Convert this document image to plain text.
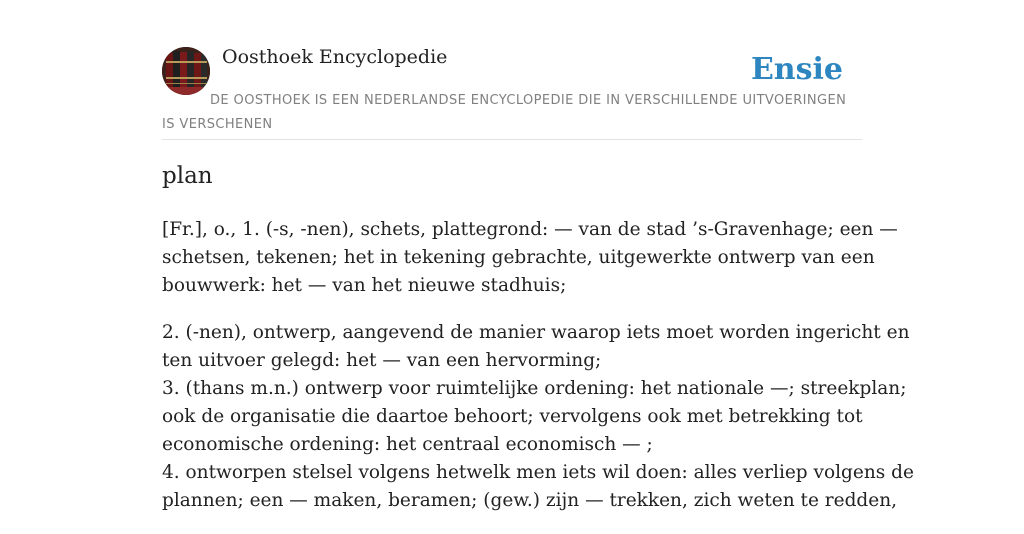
Oosthoek Encyclopedie	Ensie
DE OOSTHOEK IS EEN NEDERLANDSE ENCYCLOPEDIE DIE IN VERSCHILLENDE UITVOERINGEN IS VERSCHENEN
plan

[Fr.], o., 1. (-s, -nen), schets, plattegrond: — van de stad ’s-Gravenhage; een —
schetsen, tekenen; het in tekening gebrachte, uitgewerkte ontwerp van een
bouwwerk: het — van het nieuwe stadhuis;

2. (-nen), ontwerp, aangevend de manier waarop iets moet worden ingericht en
ten uitvoer gelegd: het — van een hervorming;
3. (thans m.n.) ontwerp voor ruimtelijke ordening: het nationale —; streekplan;
ook de organisatie die daartoe behoort; vervolgens ook met betrekking tot
economische ordening: het centraal economisch — ;
4. ontworpen stelsel volgens hetwelk men iets wil doen: alles verliep volgens de
plannen; een — maken, beramen; (gew.) zijn — trekken, zich weten te redden,
